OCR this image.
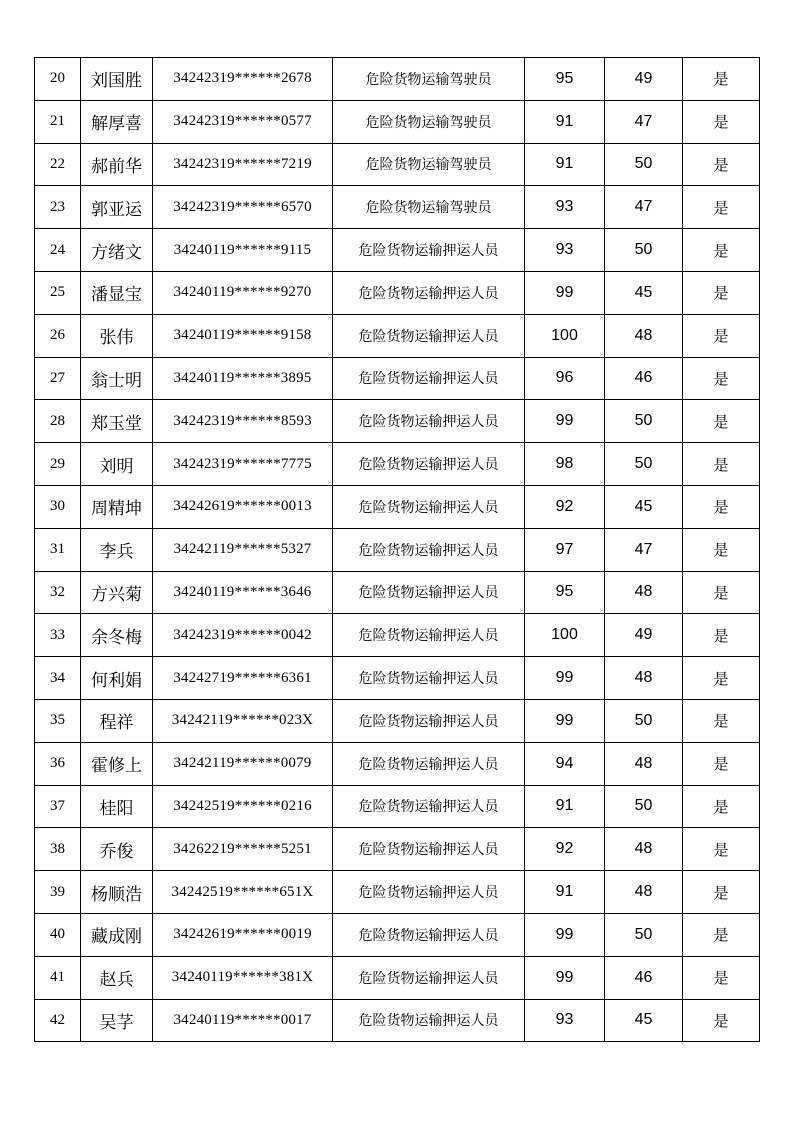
20	刘国胜	34242319******2678	危险货物运输驾驶员	95	49	是
21	解厚喜	34242319******0577	危险货物运输驾驶员	91	47	是
22	郝前华	34242319******7219	危险货物运输驾驶员	91	50	是
23	郭亚运	34242319******6570	危险货物运输驾驶员	93	47	是
24	方绪文	34240119******9115	危险货物运输押运人员	93	50	是
25	潘显宝	34240119******9270	危险货物运输押运人员	99	45	是
26	张伟	34240119******9158	危险货物运输押运人员	100	48	是
27	翁士明	34240119******3895	危险货物运输押运人员	96	46	是
28	郑玉堂	34242319******8593	危险货物运输押运人员	99	50	是
29	刘明	34242319******7775	危险货物运输押运人员	98	50	是
30	周精坤	34242619******0013	危险货物运输押运人员	92	45	是
31	李兵	34242119******5327	危险货物运输押运人员	97	47	是
32	方兴菊	34240119******3646	危险货物运输押运人员	95	48	是
33	余冬梅	34242319******0042	危险货物运输押运人员	100	49	是
34	何利娟	34242719******6361	危险货物运输押运人员	99	48	是
35	程祥	34242119******023X	危险货物运输押运人员	99	50	是
36	霍修上	34242119******0079	危险货物运输押运人员	94	48	是
37	桂阳	34242519******0216	危险货物运输押运人员	91	50	是
38	乔俊	34262219******5251	危险货物运输押运人员	92	48	是
39	杨顺浩	34242519******651X	危险货物运输押运人员	91	48	是
40	藏成刚	34242619******0019	危险货物运输押运人员	99	50	是
41	赵兵	34240119******381X	危险货物运输押运人员	99	46	是
42	吴芓	34240119******0017	危险货物运输押运人员	93	45	是
